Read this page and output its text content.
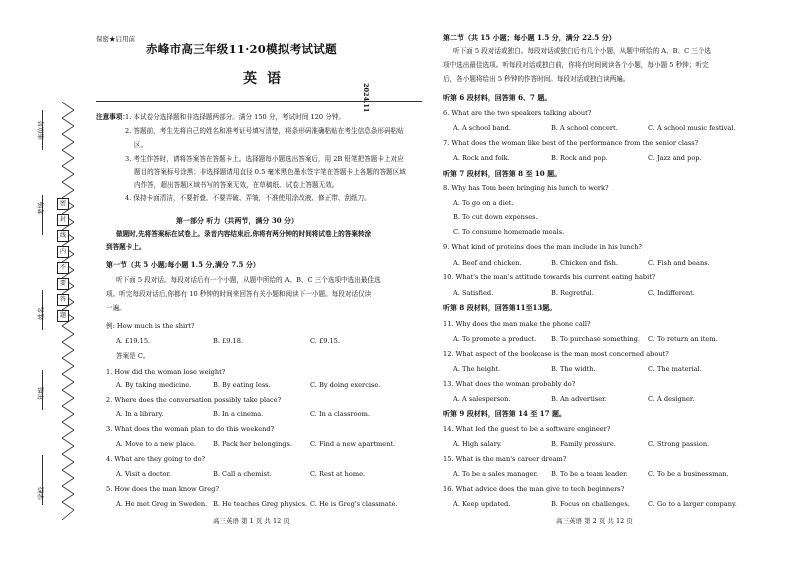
座位号
考场
姓名
年级
学校
密
封
线
内
不
要
答
题
保密★启用前
赤峰市高三年级11·20模拟考试试题
英语
2024.11
注意事项：
1. 本试卷分选择题和非选择题两部分。满分 150 分，考试时间 120 分钟。
2. 答题前，考生先将自己的姓名和准考证号填写清楚，将条形码准确粘贴在考生信息条形码粘贴
区。
3. 考生作答时，请将答案答在答题卡上。选择题每小题选出答案后，用 2B 铅笔把答题卡上对应
题目的答案标号涂黑；非选择题请用直径 0.5 毫米黑色墨水签字笔在答题卡上各题的答题区域
内作答，超出答题区域书写的答案无效，在草稿纸、试卷上答题无效。
4. 保持卡面清洁，不要折叠、不要弄破、弄皱，不准使用涂改液、修正带、刮纸刀。
第一部分 听力（共两节，满分 30 分）
做题时,先将答案标在试卷上。录音内容结束后,你将有两分钟的时间将试卷上的答案转涂
到答题卡上。
第一节（共 5 小题;每小题 1.5 分,满分 7.5 分）
听下面 5 段对话。每段对话后有一个小题，从题中所给的 A、B、C 三个选项中选出最佳选
项。听完每段对话后,你都有 10 秒钟的时间来回答有关小题和阅读下一小题。每段对话仅读
一遍。
例: How much is the shirt?
A. £19.15.	B. £9.18.	C. £9.15.
答案是 C。
1. How did the woman lose weight?
A. By taking medicine.	B. By eating less.	C. By doing exercise.
2. Where does the conversation possibly take place?
A. In a library.	B. In a cinema.	C. In a classroom.
3. What does the woman plan to do this weekend?
A. Move to a new place.	B. Pack her belongings.	C. Find a new apartment.
4. What are they going to do?
A. Visit a doctor.	B. Call a chemist.	C. Rest at home.
5. How does the man know Greg?
A. He met Greg in Sweden. B. He teaches Greg physics. C. He is Greg's classmate.
高三英语 第 1 页 共 12 页
第二节（共 15 小题；每小题 1.5 分，满分 22.5 分）
听下面 5 段对话或独白。每段对话或独白后有几个小题，从题中所给的 A、B、C 三个选
项中选出最佳选项。听每段对话或独白前，你将有时间阅读各个小题，每小题 5 秒钟；听完
后，各小题将给出 5 秒钟的作答时间。每段对话或独白读两遍。
听第 6 段材料，回答第 6、7 题。
6. What are the two speakers talking about?
A. A school band.	B. A school concert.	C. A school music festival.
7. What does the woman like best of the performance from the senior class?
A. Rock and folk.	B. Rock and pop.	C. Jazz and pop.
听第 7 段材料，回答第 8 至 10 题。
8. Why has Tom been bringing his lunch to work?
A. To go on a diet.
B. To cut down expenses.
C. To consume homemade meals.
9. What kind of proteins does the man include in his lunch?
A. Beef and chicken.	B. Chicken and fish.	C. Fish and beans.
10. What's the man's attitude towards his current eating habit?
A. Satisfied.	B. Regretful.	C. Indifferent.
听第 8 段材料，回答第11至13题。
11. Why does the man make the phone call?
A. To promote a product. B. To purchase something. C. To return an item.
12. What aspect of the bookcase is the man most concerned about?
A. The height.	B. The width.	C. The material.
13. What does the woman probably do?
A. A salesperson.	B. An advertiser.	C. A designer.
听第 9 段材料，回答第 14 至 17 题。
14. What led the guest to be a software engineer?
A. High salary.	B. Family pressure.	C. Strong passion.
15. What is the man's career dream?
A. To be a sales manager. B. To be a team leader.	C. To be a businessman.
16. What advice does the man give to tech beginners?
A. Keep updated.	B. Focus on challenges.	C. Go to a larger company.
高三英语 第 2 页 共 12 页
